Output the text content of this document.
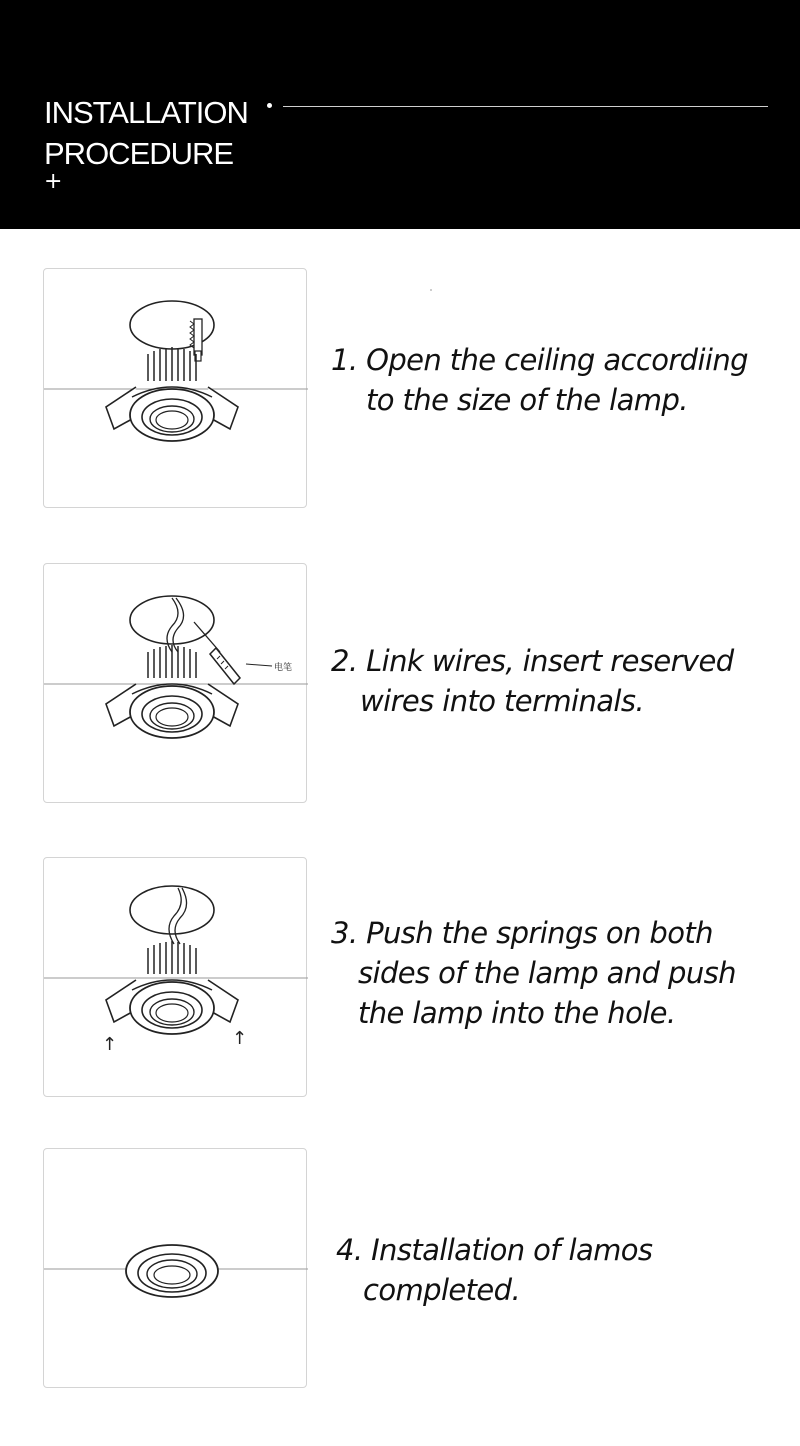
INSTALLATION
PROCEDURE
+
1. Open the ceiling accordiing
to the size of the lamp.
电笔 2. Link wires, insert reserved
wires into terminals.
↑	↑
3. Push the springs on both
sides of the lamp and push
the lamp into the hole.
4. Installation of lamos
completed.
